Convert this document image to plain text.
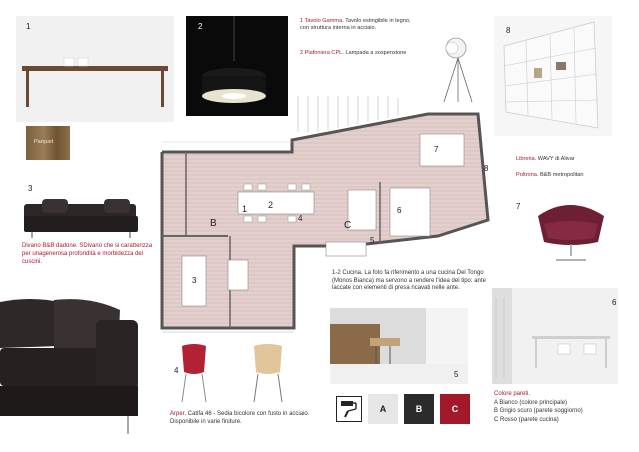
1	2
1 Tavolo Gamma. Tavolo estingibile in legno, con struttura interna in acciaio.
2 Plafoniera CPL. Lampada a sospensione
8
Parquet
3
Divano B&B dadone. SDivano che si caratterizza per unagenerosa profondità e morbidezza dei cuscini.
1 2
4
B	C
3
5
6
7
8
Libreria. WAVY di Alivar
Poltrona. B&B metropolitan
7
1-2 Cucina. La foto fa riferimento a una cucina Del Tongo (Monos Bianca) ma servono a rendere l'idea del tipo: ante laccate con elementi di presa ricavati nelle ante.
5
6
4
Arper. Catifa 46 - Sedia bicolore con fusto in acciaio. Disponibile in varie finiture.
A	B	C
Colore pareti.
A Bianco (colore principale)
B Grigio scuro (parete soggiorno)
C Rosso (parete cucina)
